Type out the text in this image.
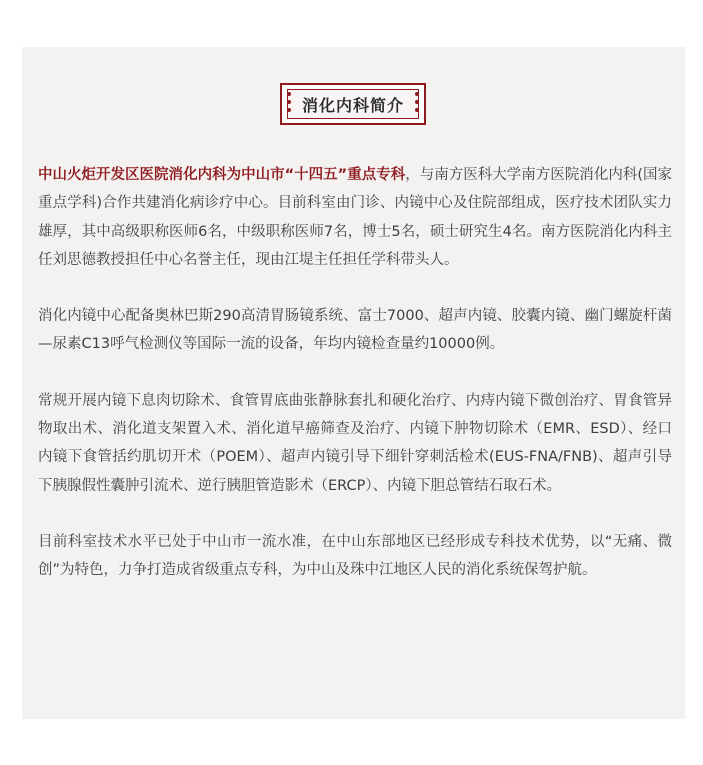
消化内科简介

中山火炬开发区医院消化内科为中山市“十四五”重点专科，与南方医科大学南方医院消化内科(国家重点学科)合作共建消化病诊疗中心。目前科室由门诊、内镜中心及住院部组成，医疗技术团队实力雄厚，其中高级职称医师6名，中级职称医师7名，博士5名，硕士研究生4名。南方医院消化内科主任刘思德教授担任中心名誉主任，现由江堤主任担任学科带头人。

消化内镜中心配备奥林巴斯290高清胃肠镜系统、富士7000、超声内镜、胶囊内镜、幽门螺旋杆菌—尿素C13呼气检测仪等国际一流的设备，年均内镜检查量约10000例。

常规开展内镜下息肉切除术、食管胃底曲张静脉套扎和硬化治疗、内痔内镜下微创治疗、胃食管异物取出术、消化道支架置入术、消化道早癌筛查及治疗、内镜下肿物切除术（EMR、ESD）、经口内镜下食管括约肌切开术（POEM）、超声内镜引导下细针穿刺活检术(EUS-FNA/FNB)、超声引导下胰腺假性囊肿引流术、逆行胰胆管造影术（ERCP）、内镜下胆总管结石取石术。

目前科室技术水平已处于中山市一流水准，在中山东部地区已经形成专科技术优势，以“无痛、微创”为特色，力争打造成省级重点专科，为中山及珠中江地区人民的消化系统保驾护航。
